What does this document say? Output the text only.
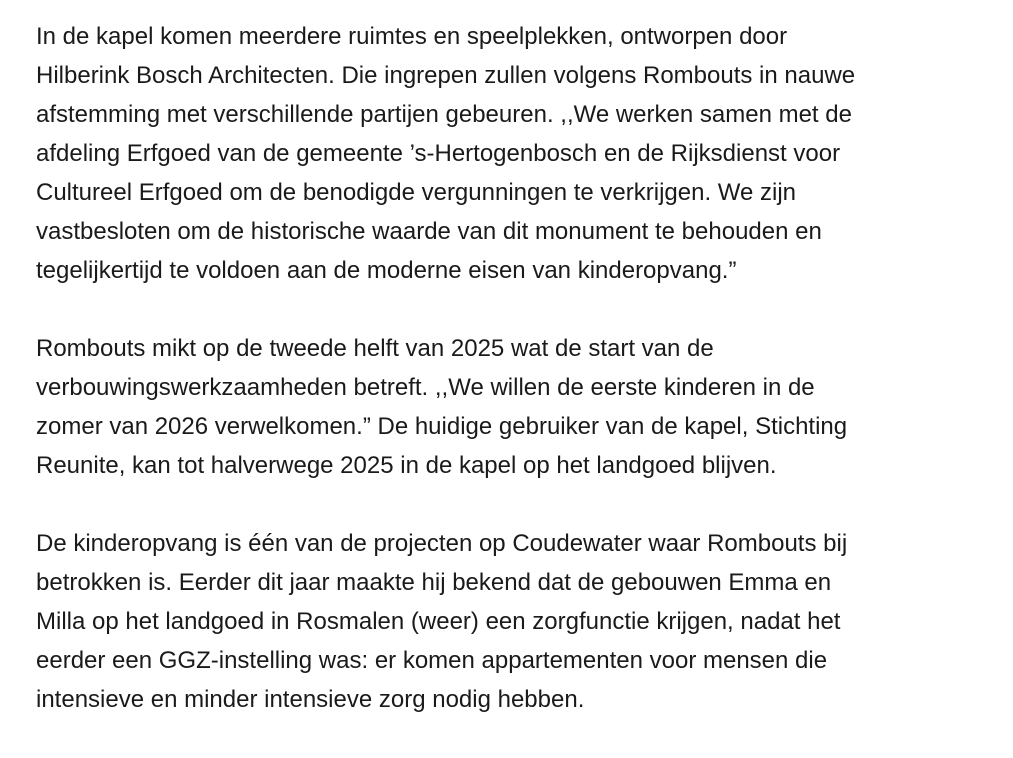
In de kapel komen meerdere ruimtes en speelplekken, ontworpen door
Hilberink Bosch Architecten. Die ingrepen zullen volgens Rombouts in nauwe
afstemming met verschillende partijen gebeuren. ,,We werken samen met de
afdeling Erfgoed van de gemeente ’s-Hertogenbosch en de Rijksdienst voor
Cultureel Erfgoed om de benodigde vergunningen te verkrijgen. We zijn
vastbesloten om de historische waarde van dit monument te behouden en
tegelijkertijd te voldoen aan de moderne eisen van kinderopvang.”

Rombouts mikt op de tweede helft van 2025 wat de start van de
verbouwingswerkzaamheden betreft. ,,We willen de eerste kinderen in de
zomer van 2026 verwelkomen.” De huidige gebruiker van de kapel, Stichting
Reunite, kan tot halverwege 2025 in de kapel op het landgoed blijven.

De kinderopvang is één van de projecten op Coudewater waar Rombouts bij
betrokken is. Eerder dit jaar maakte hij bekend dat de gebouwen Emma en
Milla op het landgoed in Rosmalen (weer) een zorgfunctie krijgen, nadat het
eerder een GGZ-instelling was: er komen appartementen voor mensen die
intensieve en minder intensieve zorg nodig hebben.
